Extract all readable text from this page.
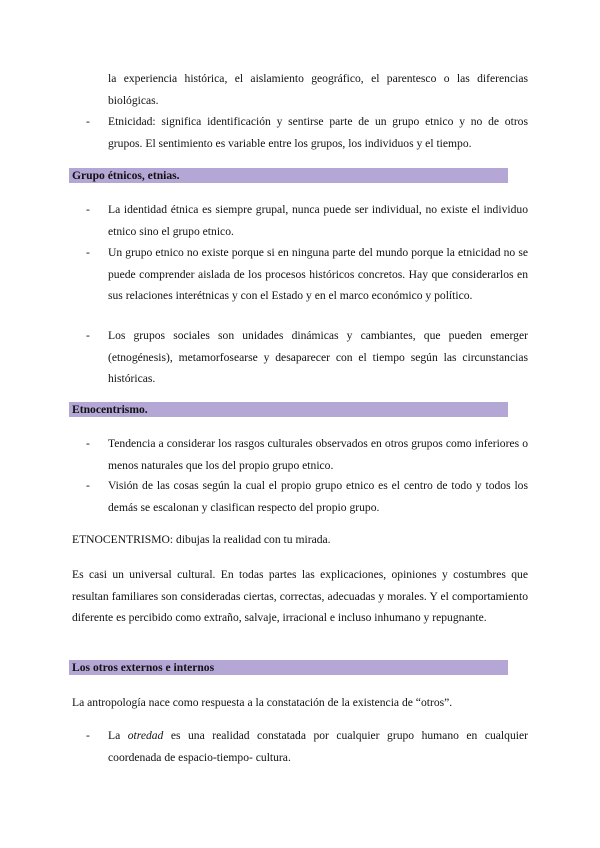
la experiencia histórica, el aislamiento geográfico, el parentesco o las diferencias biológicas.
-	Etnicidad: significa identificación y sentirse parte de un grupo etnico y no de otros grupos. El sentimiento es variable entre los grupos, los individuos y el tiempo.
Grupo étnicos, etnias.
-	La identidad étnica es siempre grupal, nunca puede ser individual, no existe el individuo etnico sino el grupo etnico.
-	Un grupo etnico no existe porque si en ninguna parte del mundo porque la etnicidad no se puede comprender aislada de los procesos históricos concretos. Hay que considerarlos en sus relaciones interétnicas y con el Estado y en el marco económico y político.
-	Los grupos sociales son unidades dinámicas y cambiantes, que pueden emerger (etnogénesis), metamorfosearse y desaparecer con el tiempo según las circunstancias históricas.
Etnocentrismo.
-	Tendencia a considerar los rasgos culturales observados en otros grupos como inferiores o menos naturales que los del propio grupo etnico.
-	Visión de las cosas según la cual el propio grupo etnico es el centro de todo y todos los demás se escalonan y clasifican respecto del propio grupo.
ETNOCENTRISMO: dibujas la realidad con tu mirada.
Es casi un universal cultural. En todas partes las explicaciones, opiniones y costumbres que resultan familiares son consideradas ciertas, correctas, adecuadas y morales. Y el comportamiento diferente es percibido como extraño, salvaje, irracional e incluso inhumano y repugnante.
Los otros externos e internos
La antropología nace como respuesta a la constatación de la existencia de “otros”.
-	La otredad es una realidad constatada por cualquier grupo humano en cualquier coordenada de espacio-tiempo- cultura.
